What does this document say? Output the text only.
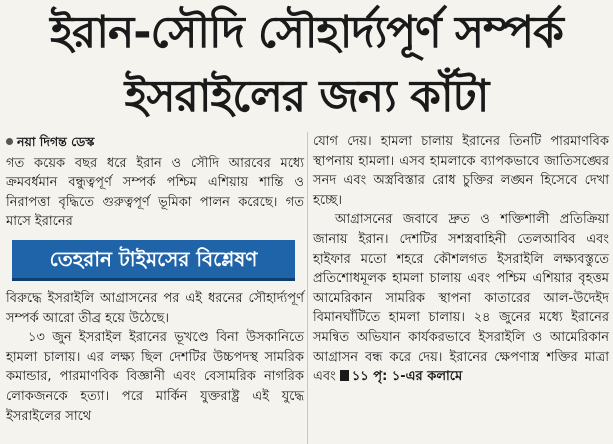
ইরান-সৌদি সৌহার্দ্যপূর্ণ সম্পর্ক
ইসরাইলের জন্য কাঁটা
নয়া দিগন্ত ডেস্ক

গত কয়েক বছর ধরে ইরান ও সৌদি আরবের মধ্যে ক্রমবর্ধমান বন্ধুত্বপূর্ণ সম্পর্ক পশ্চিম এশিয়ায় শান্তি ও নিরাপত্তা বৃদ্ধিতে গুরুত্বপূর্ণ ভূমিকা পালন করেছে। গত মাসে ইরানের

তেহরান টাইমসের বিশ্লেষণ

বিরুদ্ধে ইসরাইলি আগ্রাসনের পর এই ধরনের সৌহার্দ্যপূর্ণ সম্পর্ক আরো তীব্র হয়ে উঠেছে।

১৩ জুন ইসরাইল ইরানের ভূখণ্ডে বিনা উসকানিতে হামলা চালায়। এর লক্ষ্য ছিল দেশটির উচ্চপদস্থ সামরিক কমান্ডার, পারমাণবিক বিজ্ঞানী এবং বেসামরিক নাগরিক লোকজনকে হত্যা। পরে মার্কিন যুক্তরাষ্ট্র এই যুদ্ধে ইসরাইলের সাথে

যোগ দেয়। হামলা চালায় ইরানের তিনটি পারমাণবিক স্থাপনায় হামলা। এসব হামলাকে ব্যাপকভাবে জাতিসঙ্ঘের সনদ এবং অস্ত্রবিস্তার রোধ চুক্তির লঙ্ঘন হিসেবে দেখা হচ্ছে।

আগ্রাসনের জবাবে দ্রুত ও শক্তিশালী প্রতিক্রিয়া জানায় ইরান। দেশটির সশস্ত্রবাহিনী তেলআবিব এবং হাইফার মতো শহরে কৌশলগত ইসরাইলি লক্ষ্যবস্তুতে প্রতিশোধমূলক হামলা চালায় এবং পশ্চিম এশিয়ার বৃহত্তম আমেরিকান সামরিক স্থাপনা কাতারের আল-উদেইদ বিমানঘাঁটিতে হামলা চালায়। ২৪ জুনের মধ্যে ইরানের সমন্বিত অভিযান কার্যকরভাবে ইসরাইলি ও আমেরিকান আগ্রাসন বন্ধ করে দেয়। ইরানের ক্ষেপণাস্ত্র শক্তির মাত্রা এবং ১১ পৃ: ১-এর কলামে
